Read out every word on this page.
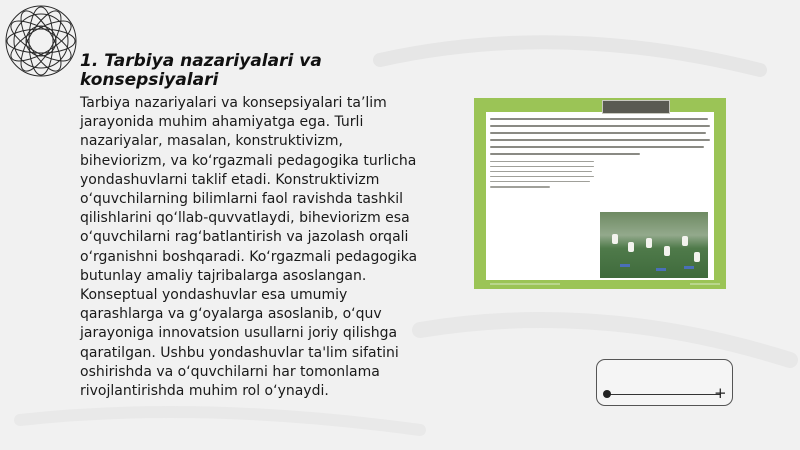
1. Tarbiya nazariyalari va konsepsiyalari

Tarbiya nazariyalari va konsepsiyalari ta’lim jarayonida muhim ahamiyatga ega. Turli nazariyalar, masalan, konstruktivizm, biheviorizm, va ko‘rgazmali pedagogika turlicha yondashuvlarni taklif etadi. Konstruktivizm o‘quvchilarning bilimlarni faol ravishda tashkil qilishlarini qo‘llab-quvvatlaydi, biheviorizm esa o‘quvchilarni rag‘batlantirish va jazolash orqali o‘rganishni boshqaradi. Ko‘rgazmali pedagogika butunlay amaliy tajribalarga asoslangan. Konseptual yondashuvlar esa umumiy qarashlarga va g‘oyalarga asoslanib, o‘quv jarayoniga innovatsion usullarni joriy qilishga qaratilgan. Ushbu yondashuvlar ta'lim sifatini oshirishda va o‘quvchilarni har tomonlama rivojlantirishda muhim rol o‘ynaydi.	+
